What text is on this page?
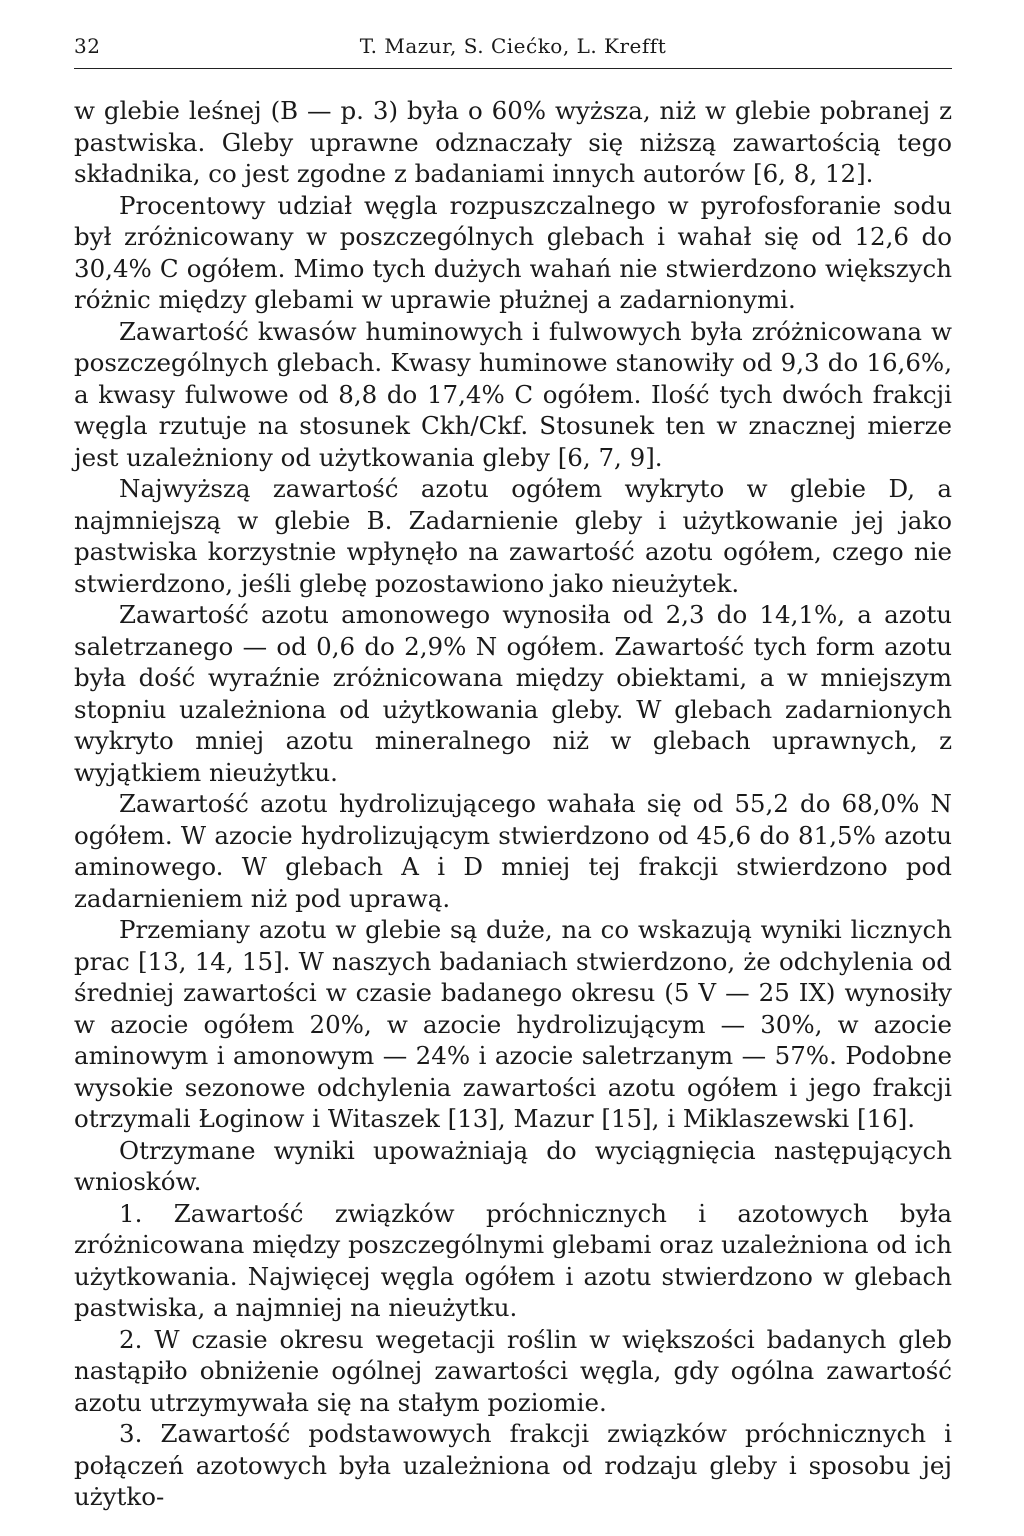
32	T. Mazur, S. Ciećko, L. Krefft

w glebie leśnej (B — p. 3) była o 60% wyższa, niż w glebie pobranej z pastwiska. Gleby uprawne odznaczały się niższą zawartością tego składnika, co jest zgodne z badaniami innych autorów [6, 8, 12].

Procentowy udział węgla rozpuszczalnego w pyrofosforanie sodu był zróżnicowany w poszczególnych glebach i wahał się od 12,6 do 30,4% C ogółem. Mimo tych dużych wahań nie stwierdzono większych różnic między glebami w uprawie płużnej a zadarnionymi.

Zawartość kwasów huminowych i fulwowych była zróżnicowana w poszczególnych glebach. Kwasy huminowe stanowiły od 9,3 do 16,6%, a kwasy fulwowe od 8,8 do 17,4% C ogółem. Ilość tych dwóch frakcji węgla rzutuje na stosunek Ckh/Ckf. Stosunek ten w znacznej mierze jest uzależniony od użytkowania gleby [6, 7, 9].

Najwyższą zawartość azotu ogółem wykryto w glebie D, a najmniejszą w glebie B. Zadarnienie gleby i użytkowanie jej jako pastwiska korzystnie wpłynęło na zawartość azotu ogółem, czego nie stwierdzono, jeśli glebę pozostawiono jako nieużytek.

Zawartość azotu amonowego wynosiła od 2,3 do 14,1%, a azotu saletrzanego — od 0,6 do 2,9% N ogółem. Zawartość tych form azotu była dość wyraźnie zróżnicowana między obiektami, a w mniejszym stopniu uzależniona od użytkowania gleby. W glebach zadarnionych wykryto mniej azotu mineralnego niż w glebach uprawnych, z wyjątkiem nieużytku.

Zawartość azotu hydrolizującego wahała się od 55,2 do 68,0% N ogółem. W azocie hydrolizującym stwierdzono od 45,6 do 81,5% azotu aminowego. W glebach A i D mniej tej frakcji stwierdzono pod zadarnieniem niż pod uprawą.

Przemiany azotu w glebie są duże, na co wskazują wyniki licznych prac [13, 14, 15]. W naszych badaniach stwierdzono, że odchylenia od średniej zawartości w czasie badanego okresu (5 V — 25 IX) wynosiły w azocie ogółem 20%, w azocie hydrolizującym — 30%, w azocie aminowym i amonowym — 24% i azocie saletrzanym — 57%. Podobne wysokie sezonowe odchylenia zawartości azotu ogółem i jego frakcji otrzymali Łoginow i Witaszek [13], Mazur [15], i Miklaszewski [16].

Otrzymane wyniki upoważniają do wyciągnięcia następujących wniosków.

1. Zawartość związków próchnicznych i azotowych była zróżnicowana między poszczególnymi glebami oraz uzależniona od ich użytkowania. Najwięcej węgla ogółem i azotu stwierdzono w glebach pastwiska, a najmniej na nieużytku.

2. W czasie okresu wegetacji roślin w większości badanych gleb nastąpiło obniżenie ogólnej zawartości węgla, gdy ogólna zawartość azotu utrzymywała się na stałym poziomie.

3. Zawartość podstawowych frakcji związków próchnicznych i połączeń azotowych była uzależniona od rodzaju gleby i sposobu jej użytko-
